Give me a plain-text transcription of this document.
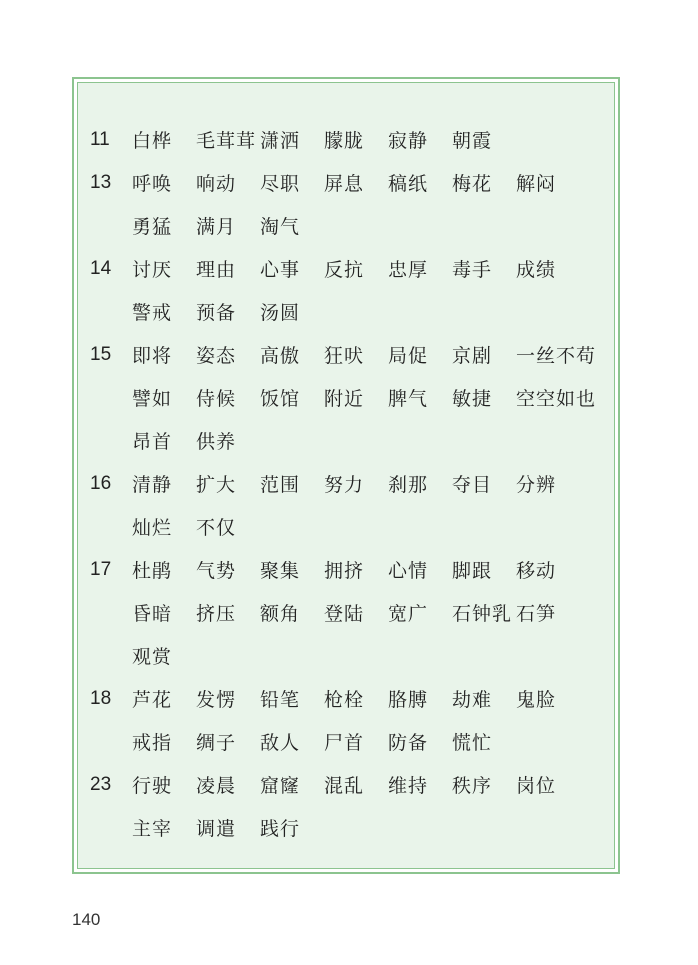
11	白桦	毛茸茸 潇洒	朦胧	寂静	朝霞
13	呼唤	响动	尽职	屏息	稿纸	梅花	解闷
勇猛	满月	淘气
14	讨厌	理由	心事	反抗	忠厚	毒手	成绩
警戒	预备	汤圆
15	即将	姿态	高傲	狂吠	局促	京剧	一丝不苟
譬如	侍候	饭馆	附近	脾气	敏捷	空空如也
昂首	供养
16	清静	扩大	范围	努力	刹那	夺目	分辨
灿烂	不仅
17	杜鹃	气势	聚集	拥挤	心情	脚跟	移动
昏暗	挤压	额角	登陆	宽广	石钟乳 石笋
观赏
18	芦花	发愣	铅笔	枪栓	胳膊	劫难	鬼脸
戒指	绸子	敌人	尸首	防备	慌忙
23	行驶	凌晨	窟窿	混乱	维持	秩序	岗位
主宰	调遣	践行
140
